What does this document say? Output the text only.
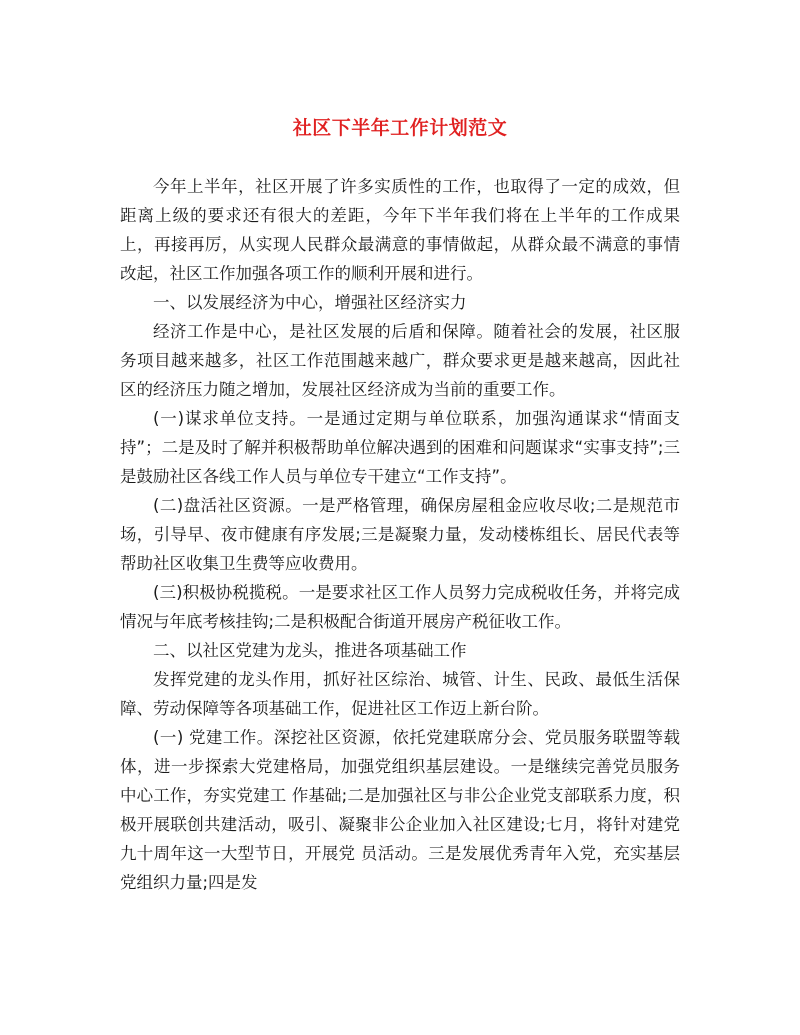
社区下半年工作计划范文

今年上半年，社区开展了许多实质性的工作，也取得了一定的成效，但距离上级的要求还有很大的差距，今年下半年我们将在上半年的工作成果上，再接再厉，从实现人民群众最满意的事情做起，从群众最不满意的事情改起，社区工作加强各项工作的顺利开展和进行。

一、以发展经济为中心，增强社区经济实力

经济工作是中心，是社区发展的后盾和保障。随着社会的发展，社区服务项目越来越多，社区工作范围越来越广，群众要求更是越来越高，因此社区的经济压力随之增加，发展社区经济成为当前的重要工作。

(一)谋求单位支持。一是通过定期与单位联系，加强沟通谋求“情面支持”；二是及时了解并积极帮助单位解决遇到的困难和问题谋求“实事支持”;三是鼓励社区各线工作人员与单位专干建立“工作支持”。

(二)盘活社区资源。一是严格管理，确保房屋租金应收尽收;二是规范市场，引导早、夜市健康有序发展;三是凝聚力量，发动楼栋组长、居民代表等帮助社区收集卫生费等应收费用。

(三)积极协税揽税。一是要求社区工作人员努力完成税收任务，并将完成情况与年底考核挂钩;二是积极配合街道开展房产税征收工作。

二、以社区党建为龙头，推进各项基础工作

发挥党建的龙头作用，抓好社区综治、城管、计生、民政、最低生活保障、劳动保障等各项基础工作，促进社区工作迈上新台阶。

(一) 党建工作。深挖社区资源，依托党建联席分会、党员服务联盟等载体，进一步探索大党建格局，加强党组织基层建设。一是继续完善党员服务中心工作，夯实党建工 作基础;二是加强社区与非公企业党支部联系力度，积极开展联创共建活动，吸引、凝聚非公企业加入社区建设;七月，将针对建党九十周年这一大型节日，开展党 员活动。三是发展优秀青年入党，充实基层党组织力量;四是发
